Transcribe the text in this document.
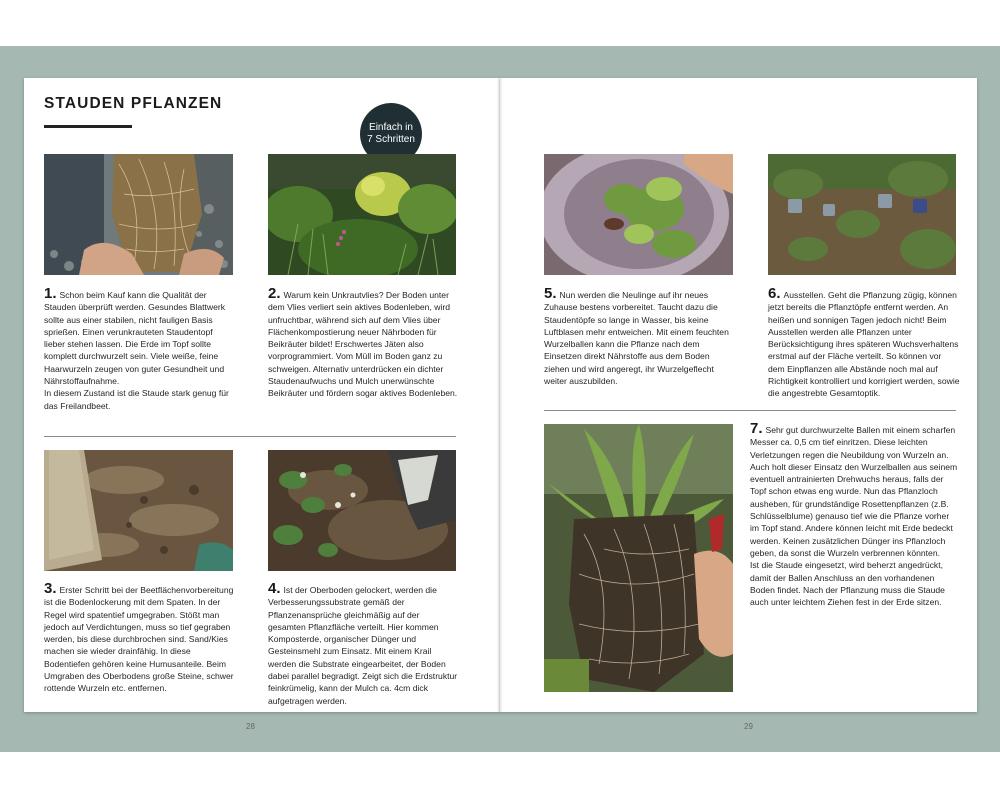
STAUDEN PFLANZEN
Einfach in
7 Schritten

1. Schon beim Kauf kann die Qualität der Stauden überprüft werden. Gesundes Blattwerk sollte aus einer stabilen, nicht fauligen Basis sprießen. Einen verunkrauteten Staudentopf lieber stehen lassen. Die Erde im Topf sollte komplett durchwurzelt sein. Viele weiße, feine Haarwurzeln zeugen von guter Gesundheit und Nährstoffaufnahme.

In diesem Zustand ist die Staude stark genug für das Freilandbeet.

2. Warum kein Unkrautvlies? Der Boden unter dem Vlies verliert sein aktives Bodenleben, wird unfruchtbar, während sich auf dem Vlies über Flächenkompostierung neuer Nährboden für Beikräuter bildet! Erschwertes Jäten also vorprogrammiert. Vom Müll im Boden ganz zu schweigen. Alternativ unterdrücken ein dichter Staudenaufwuchs und Mulch unerwünschte Beikräuter und fördern sogar aktives Bodenleben.

3. Erster Schritt bei der Beetflächenvorbereitung ist die Bodenlockerung mit dem Spaten. In der Regel wird spatentief umgegraben. Stößt man jedoch auf Verdichtungen, muss so tief gegraben werden, bis diese durchbrochen sind. Sand/Kies machen sie wieder drainfähig. In diese Bodentiefen gehören keine Humusanteile. Beim Umgraben des Oberbodens große Steine, schwer rottende Wurzeln etc. entfernen.

4. Ist der Oberboden gelockert, werden die Verbesserungssubstrate gemäß der Pflanzenansprüche gleichmäßig auf der gesamten Pflanzfläche verteilt. Hier kommen Komposterde, organischer Dünger und Gesteinsmehl zum Einsatz. Mit einem Krail werden die Substrate eingearbeitet, der Boden dabei parallel begradigt. Zeigt sich die Erdstruktur feinkrümelig, kann der Mulch ca. 4cm dick aufgetragen werden.

5. Nun werden die Neulinge auf ihr neues Zuhause bestens vorbereitet. Taucht dazu die Staudentöpfe so lange in Wasser, bis keine Luftblasen mehr entweichen. Mit einem feuchten Wurzelballen kann die Pflanze nach dem Einsetzen direkt Nährstoffe aus dem Boden ziehen und wird angeregt, ihr Wurzelgeflecht weiter auszubilden.

6. Ausstellen. Geht die Pflanzung zügig, können jetzt bereits die Pflanztöpfe entfernt werden. An heißen und sonnigen Tagen jedoch nicht! Beim Ausstellen werden alle Pflanzen unter Berücksichtigung ihres späteren Wuchsverhaltens erstmal auf der Fläche verteilt. So können vor dem Einpflanzen alle Abstände noch mal auf Richtigkeit kontrolliert und korrigiert werden, sowie die angestrebte Gesamtoptik.

7. Sehr gut durchwurzelte Ballen mit einem scharfen Messer ca. 0,5 cm tief einritzen. Diese leichten Verletzungen regen die Neubildung von Wurzeln an. Auch holt dieser Einsatz den Wurzelballen aus seinem eventuell antrainierten Drehwuchs heraus, falls der Topf schon etwas eng wurde. Nun das Pflanzloch ausheben, für grundständige Rosettenpflanzen (z.B. Schlüsselblume) genauso tief wie die Pflanze vorher im Topf stand. Andere können leicht mit Erde bedeckt werden. Keinen zusätzlichen Dünger ins Pflanzloch geben, da sonst die Wurzeln verbrennen könnten.

Ist die Staude eingesetzt, wird beherzt angedrückt, damit der Ballen Anschluss an den vorhandenen Boden findet. Nach der Pflanzung muss die Staude auch unter leichtem Ziehen fest in der Erde sitzen.

28	29
